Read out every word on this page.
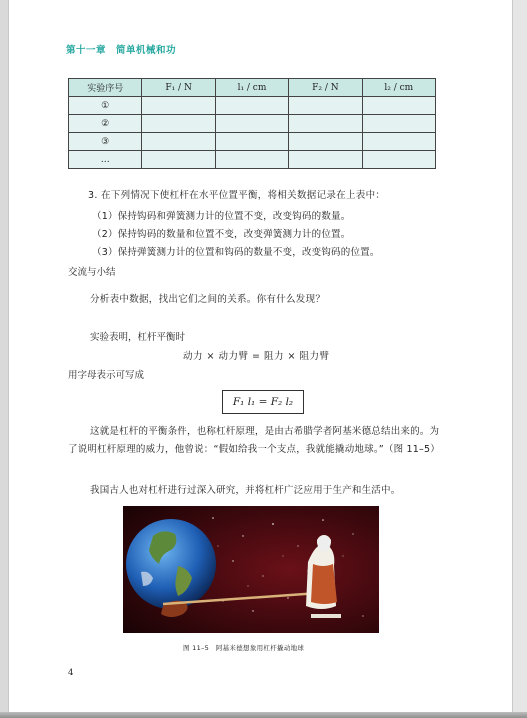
第十一章　简单机械和功
实验序号	F₁ / N	l₁ / cm	F₂ / N	l₂ / cm
①				
②				
③				
…				
3. 在下列情况下使杠杆在水平位置平衡，将相关数据记录在上表中：
（1）保持钩码和弹簧测力计的位置不变，改变钩码的数量。
（2）保持钩码的数量和位置不变，改变弹簧测力计的位置。
（3）保持弹簧测力计的位置和钩码的数量不变，改变钩码的位置。
交流与小结
分析表中数据，找出它们之间的关系。你有什么发现？
实验表明，杠杆平衡时
动力 × 动力臂 = 阻力 × 阻力臂
用字母表示可写成
F₁ l₁ = F₂ l₂
这就是杠杆的平衡条件，也称杠杆原理，是由古希腊学者阿基米德总结出来的。为了说明杠杆原理的威力，他曾说：“假如给我一个支点，我就能撬动地球。”（图 11–5）
我国古人也对杠杆进行过深入研究，并将杠杆广泛应用于生产和生活中。
图 11–5　阿基米德想象用杠杆撬动地球
4
